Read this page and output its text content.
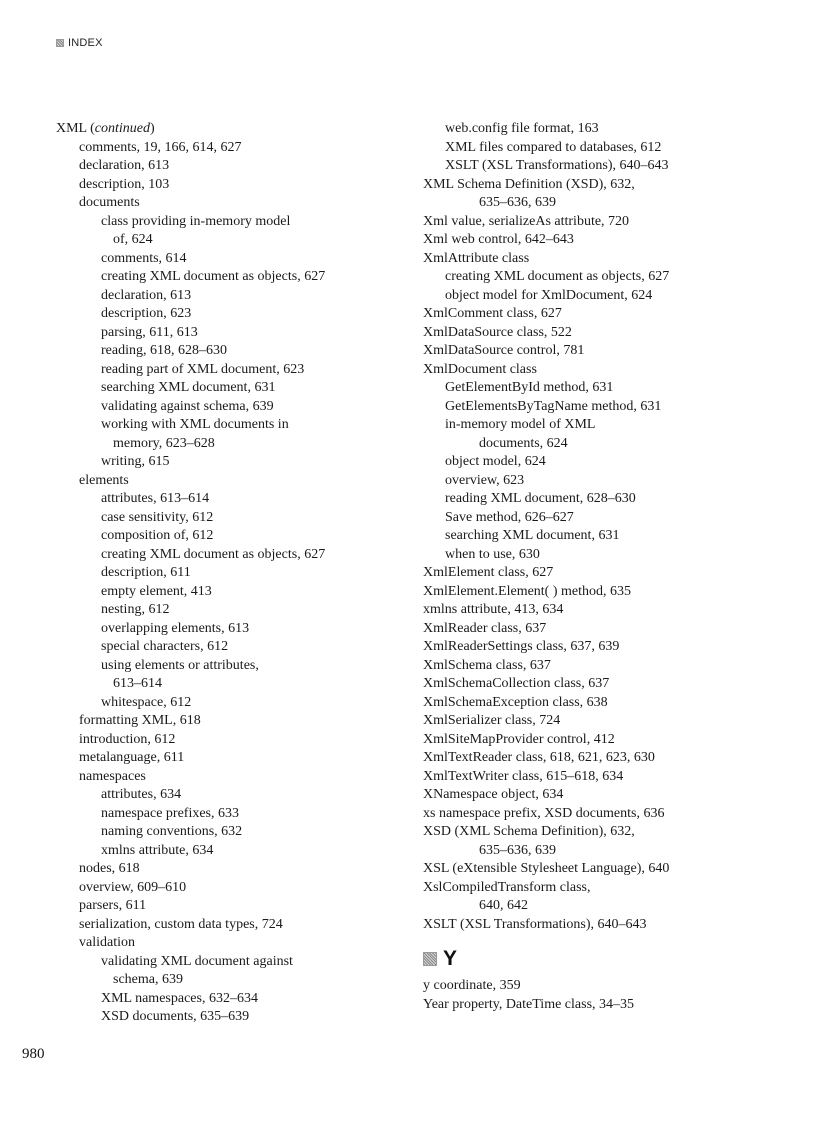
INDEX
XML (continued)
comments, 19, 166, 614, 627
declaration, 613
description, 103
documents
class providing in-memory model
of, 624
comments, 614
creating XML document as objects, 627
declaration, 613
description, 623
parsing, 611, 613
reading, 618, 628–630
reading part of XML document, 623
searching XML document, 631
validating against schema, 639
working with XML documents in
memory, 623–628
writing, 615
elements
attributes, 613–614
case sensitivity, 612
composition of, 612
creating XML document as objects, 627
description, 611
empty element, 413
nesting, 612
overlapping elements, 613
special characters, 612
using elements or attributes,
613–614
whitespace, 612
formatting XML, 618
introduction, 612
metalanguage, 611
namespaces
attributes, 634
namespace prefixes, 633
naming conventions, 632
xmlns attribute, 634
nodes, 618
overview, 609–610
parsers, 611
serialization, custom data types, 724
validation
validating XML document against
schema, 639
XML namespaces, 632–634
XSD documents, 635–639
web.config file format, 163
XML files compared to databases, 612
XSLT (XSL Transformations), 640–643
XML Schema Definition (XSD), 632,
635–636, 639
Xml value, serializeAs attribute, 720
Xml web control, 642–643
XmlAttribute class
creating XML document as objects, 627
object model for XmlDocument, 624
XmlComment class, 627
XmlDataSource class, 522
XmlDataSource control, 781
XmlDocument class
GetElementById method, 631
GetElementsByTagName method, 631
in-memory model of XML
documents, 624
object model, 624
overview, 623
reading XML document, 628–630
Save method, 626–627
searching XML document, 631
when to use, 630
XmlElement class, 627
XmlElement.Element( ) method, 635
xmlns attribute, 413, 634
XmlReader class, 637
XmlReaderSettings class, 637, 639
XmlSchema class, 637
XmlSchemaCollection class, 637
XmlSchemaException class, 638
XmlSerializer class, 724
XmlSiteMapProvider control, 412
XmlTextReader class, 618, 621, 623, 630
XmlTextWriter class, 615–618, 634
XNamespace object, 634
xs namespace prefix, XSD documents, 636
XSD (XML Schema Definition), 632,
635–636, 639
XSL (eXtensible Stylesheet Language), 640
XslCompiledTransform class,
640, 642
XSLT (XSL Transformations), 640–643
Y
y coordinate, 359
Year property, DateTime class, 34–35
980
